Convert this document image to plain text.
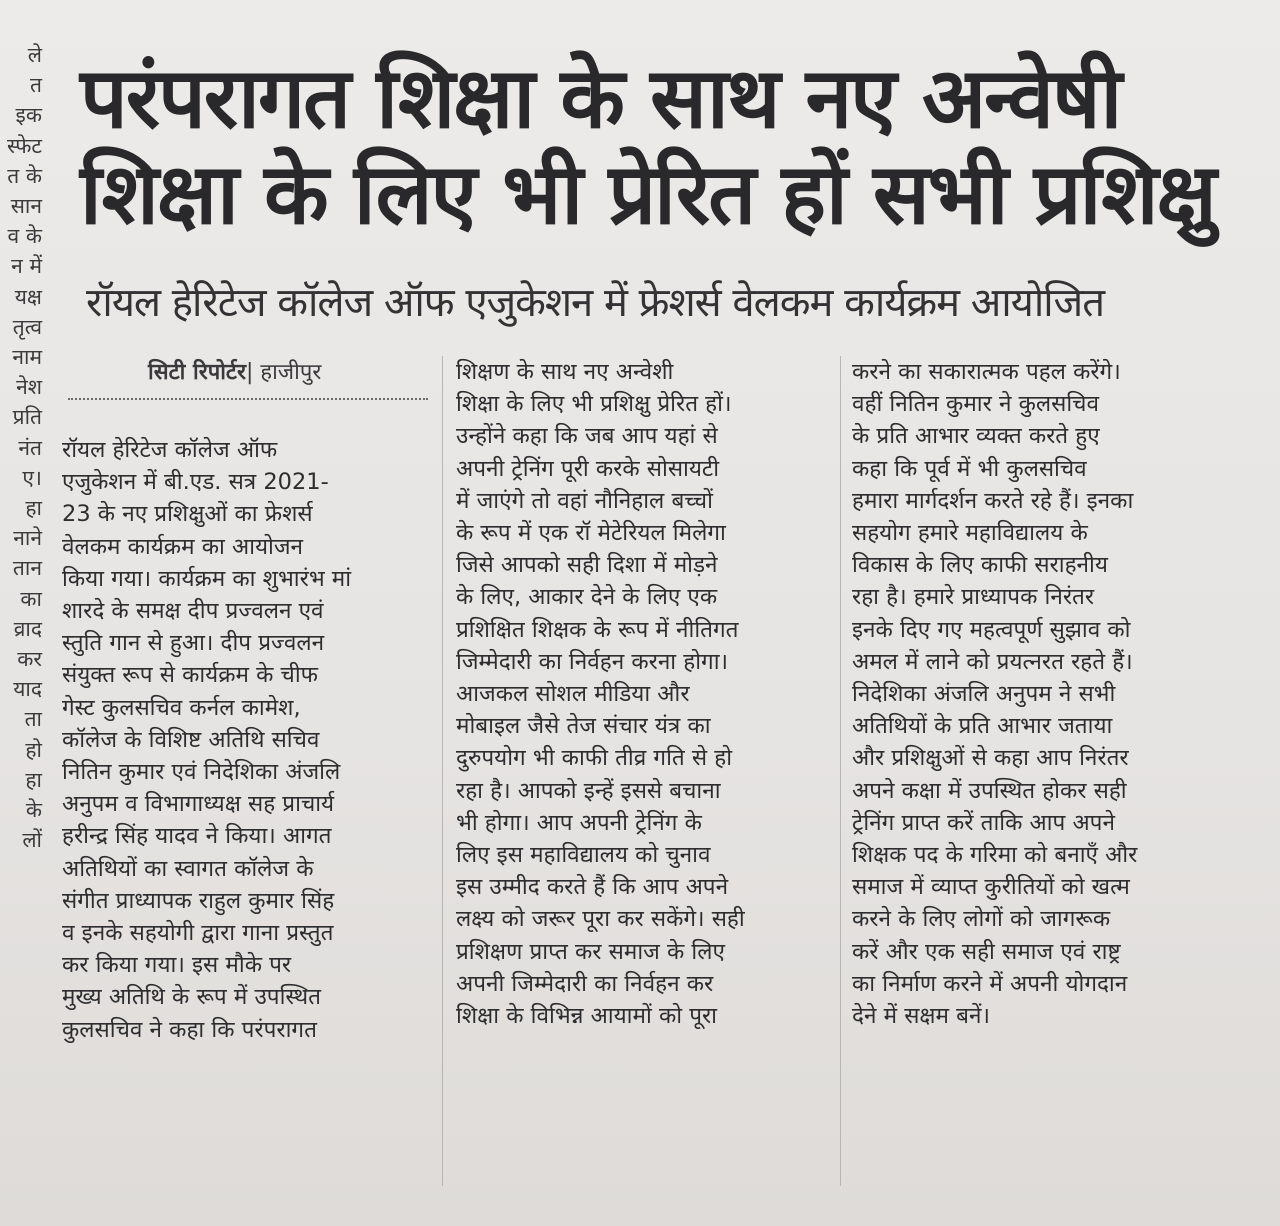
ले
त
इक
स्फेट
त के
सान
व के
न में
यक्ष
तृत्व
नाम
नेश
प्रति
नंत
ए।
हा
नाने
तान
का
व्राद
कर
याद
ता
हो
हा
के
लों
परंपरागत शिक्षा के साथ नए अन्वेषी
शिक्षा के लिए भी प्रेरित हों सभी प्रशिक्षु
रॉयल हेरिटेज कॉलेज ऑफ एजुकेशन में फ्रेशर्स वेलकम कार्यक्रम आयोजित
सिटी रिपोर्टर| हाजीपुर
रॉयल हेरिटेज कॉलेज ऑफ
एजुकेशन में बी.एड. सत्र 2021-
23 के नए प्रशिक्षुओं का फ्रेशर्स
वेलकम कार्यक्रम का आयोजन
किया गया। कार्यक्रम का शुभारंभ मां
शारदे के समक्ष दीप प्रज्वलन एवं
स्तुति गान से हुआ। दीप प्रज्वलन
संयुक्त रूप से कार्यक्रम के चीफ
गेस्ट कुलसचिव कर्नल कामेश,
कॉलेज के विशिष्ट अतिथि सचिव
नितिन कुमार एवं निदेशिका अंजलि
अनुपम व विभागाध्यक्ष सह प्राचार्य
हरीन्द्र सिंह यादव ने किया। आगत
अतिथियों का स्वागत कॉलेज के
संगीत प्राध्यापक राहुल कुमार सिंह
व इनके सहयोगी द्वारा गाना प्रस्तुत
कर किया गया। इस मौके पर
मुख्य अतिथि के रूप में उपस्थित
कुलसचिव ने कहा कि परंपरागत
शिक्षण के साथ नए अन्वेशी
शिक्षा के लिए भी प्रशिक्षु प्रेरित हों।
उन्होंने कहा कि जब आप यहां से
अपनी ट्रेनिंग पूरी करके सोसायटी
में जाएंगे तो वहां नौनिहाल बच्चों
के रूप में एक रॉ मेटेरियल मिलेगा
जिसे आपको सही दिशा में मोड़ने
के लिए, आकार देने के लिए एक
प्रशिक्षित शिक्षक के रूप में नीतिगत
जिम्मेदारी का निर्वहन करना होगा।
आजकल सोशल मीडिया और
मोबाइल जैसे तेज संचार यंत्र का
दुरुपयोग भी काफी तीव्र गति से हो
रहा है। आपको इन्हें इससे बचाना
भी होगा। आप अपनी ट्रेनिंग के
लिए इस महाविद्यालय को चुनाव
इस उम्मीद करते हैं कि आप अपने
लक्ष्य को जरूर पूरा कर सकेंगे। सही
प्रशिक्षण प्राप्त कर समाज के लिए
अपनी जिम्मेदारी का निर्वहन कर
शिक्षा के विभिन्न आयामों को पूरा
करने का सकारात्मक पहल करेंगे।
वहीं नितिन कुमार ने कुलसचिव
के प्रति आभार व्यक्त करते हुए
कहा कि पूर्व में भी कुलसचिव
हमारा मार्गदर्शन करते रहे हैं। इनका
सहयोग हमारे महाविद्यालय के
विकास के लिए काफी सराहनीय
रहा है। हमारे प्राध्यापक निरंतर
इनके दिए गए महत्वपूर्ण सुझाव को
अमल में लाने को प्रयत्नरत रहते हैं।
निदेशिका अंजलि अनुपम ने सभी
अतिथियों के प्रति आभार जताया
और प्रशिक्षुओं से कहा आप निरंतर
अपने कक्षा में उपस्थित होकर सही
ट्रेनिंग प्राप्त करें ताकि आप अपने
शिक्षक पद के गरिमा को बनाएँ और
समाज में व्याप्त कुरीतियों को खत्म
करने के लिए लोगों को जागरूक
करें और एक सही समाज एवं राष्ट्र
का निर्माण करने में अपनी योगदान
देने में सक्षम बनें।
